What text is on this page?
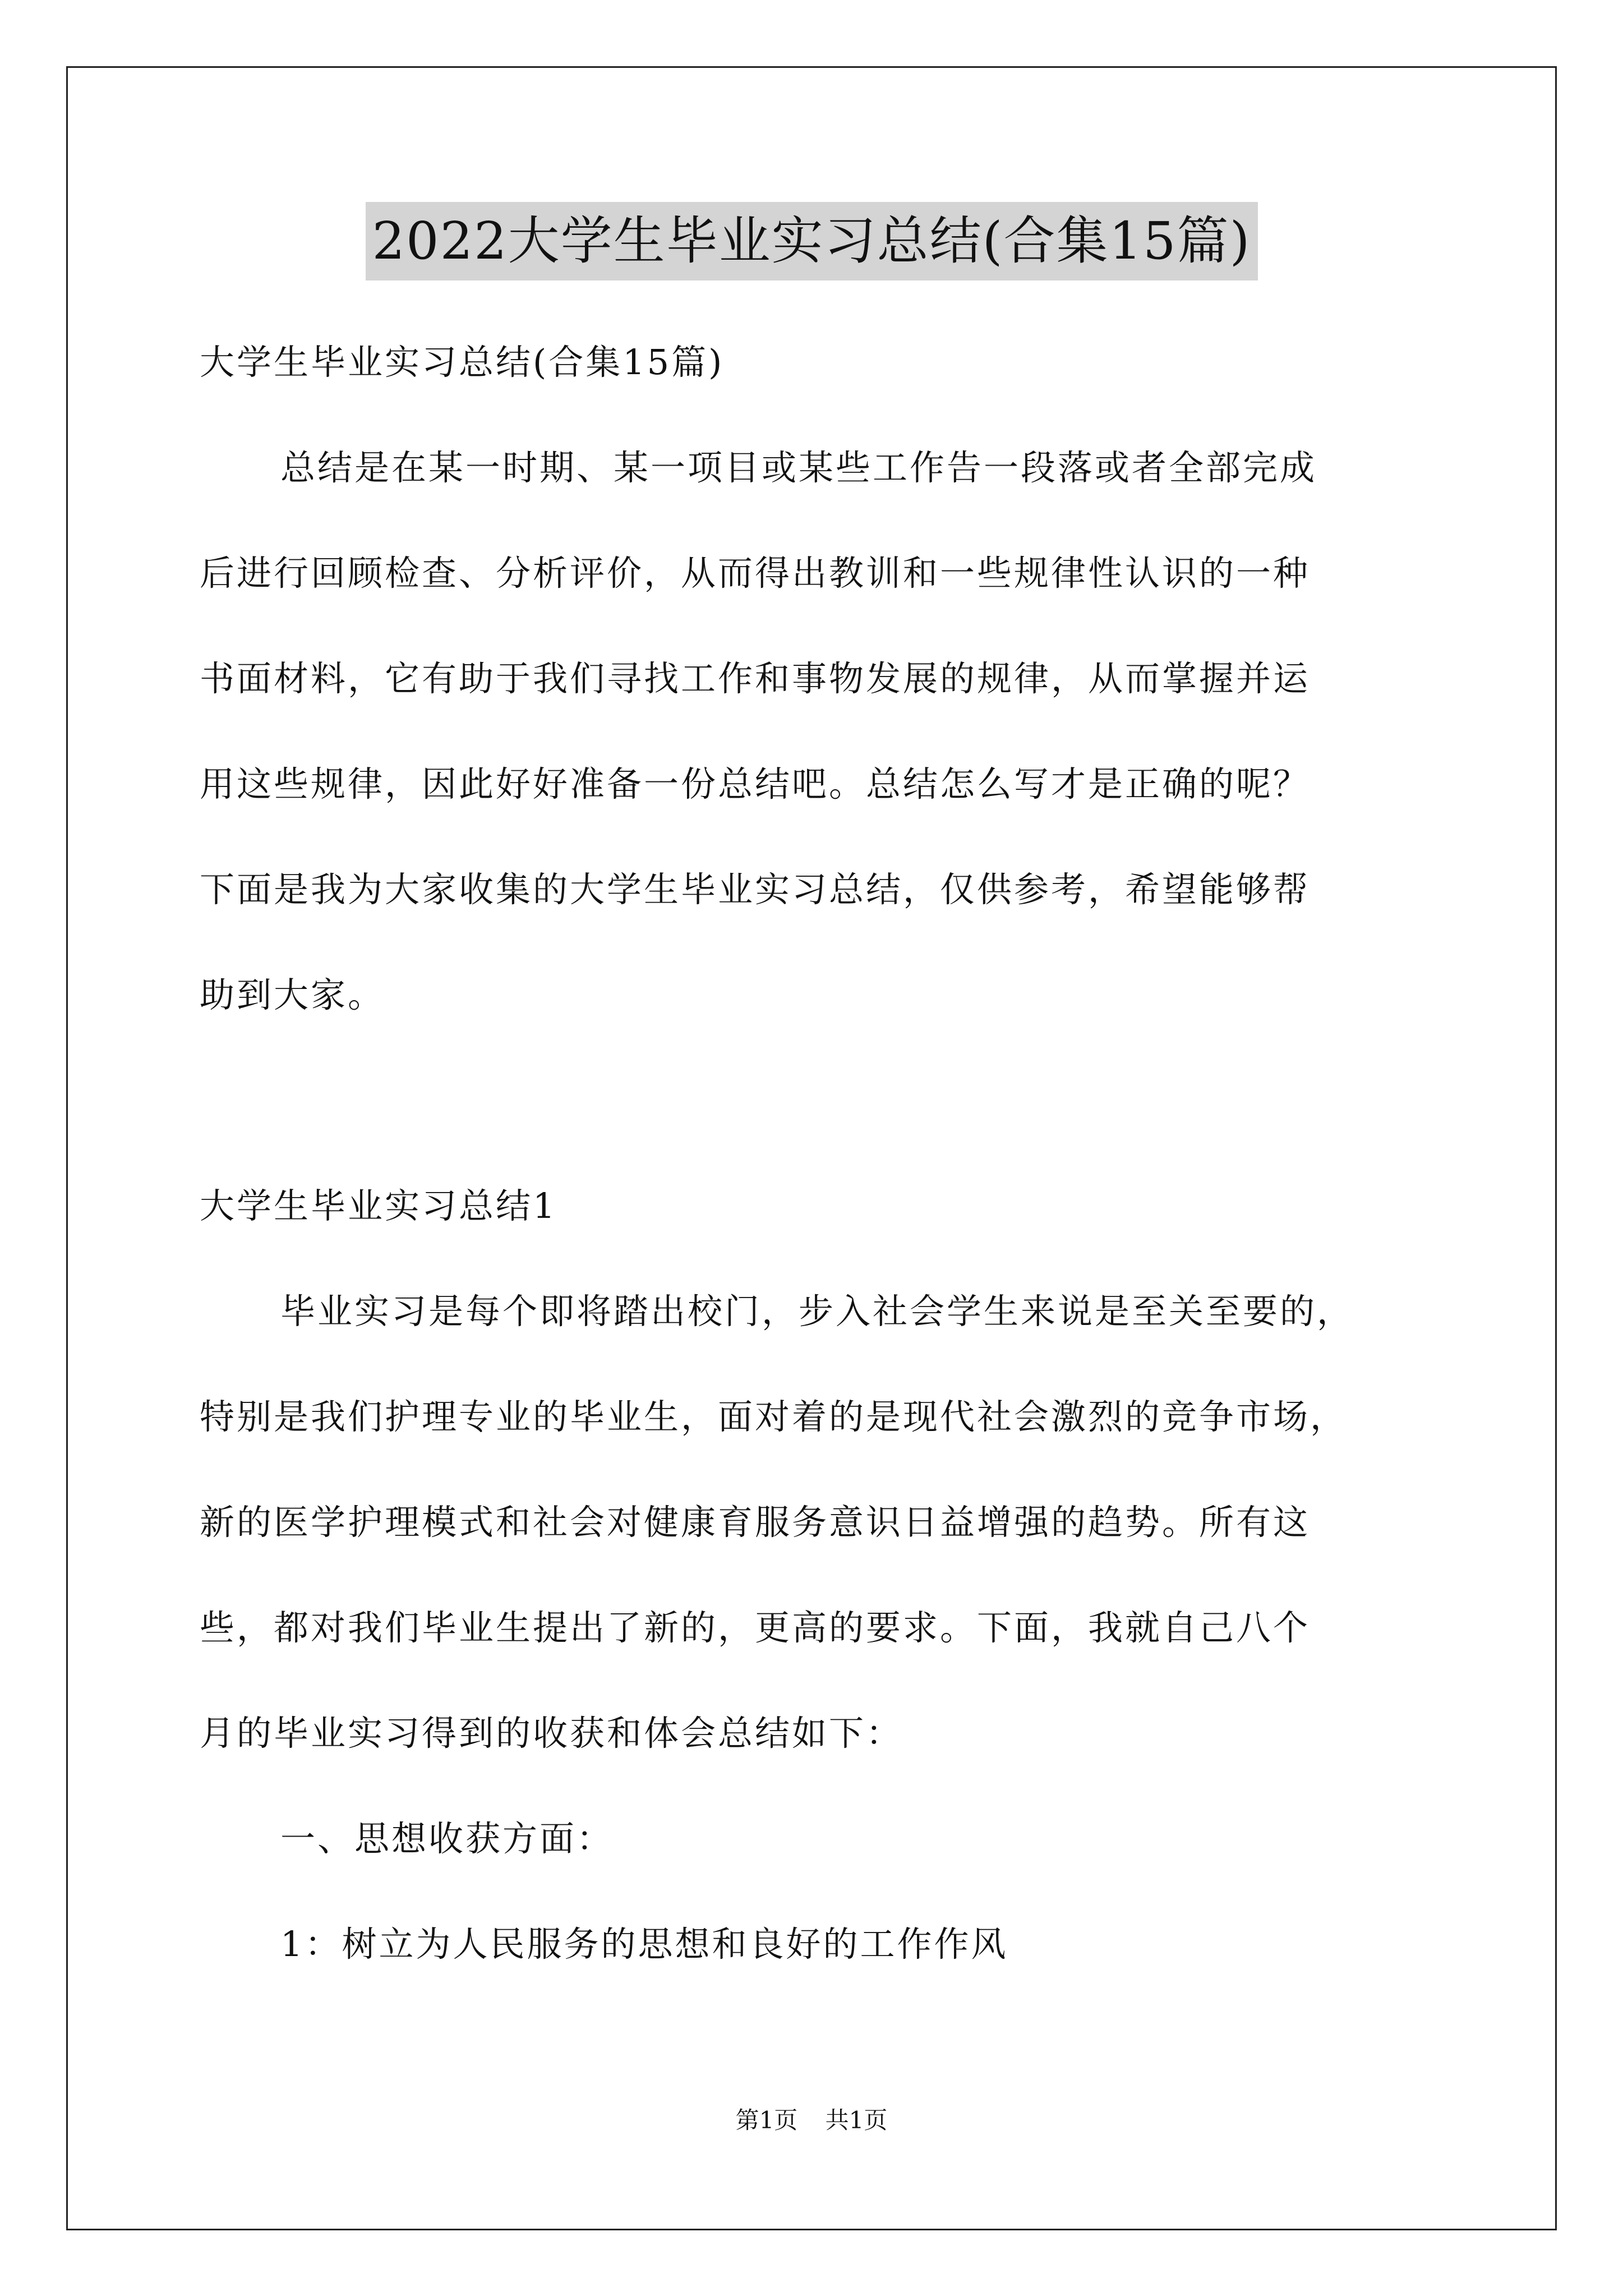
2022大学生毕业实习总结(合集15篇)

大学生毕业实习总结(合集15篇)

总结是在某一时期、某一项目或某些工作告一段落或者全部完成

后进行回顾检查、分析评价，从而得出教训和一些规律性认识的一种

书面材料，它有助于我们寻找工作和事物发展的规律，从而掌握并运

用这些规律，因此好好准备一份总结吧。总结怎么写才是正确的呢？

下面是我为大家收集的大学生毕业实习总结，仅供参考，希望能够帮

助到大家。

大学生毕业实习总结1

毕业实习是每个即将踏出校门，步入社会学生来说是至关至要的，

特别是我们护理专业的毕业生，面对着的是现代社会激烈的竞争市场，

新的医学护理模式和社会对健康育服务意识日益增强的趋势。所有这

些，都对我们毕业生提出了新的，更高的要求。下面，我就自己八个

月的毕业实习得到的收获和体会总结如下：

一、思想收获方面：

1：树立为人民服务的思想和良好的工作作风

第1页 共1页
